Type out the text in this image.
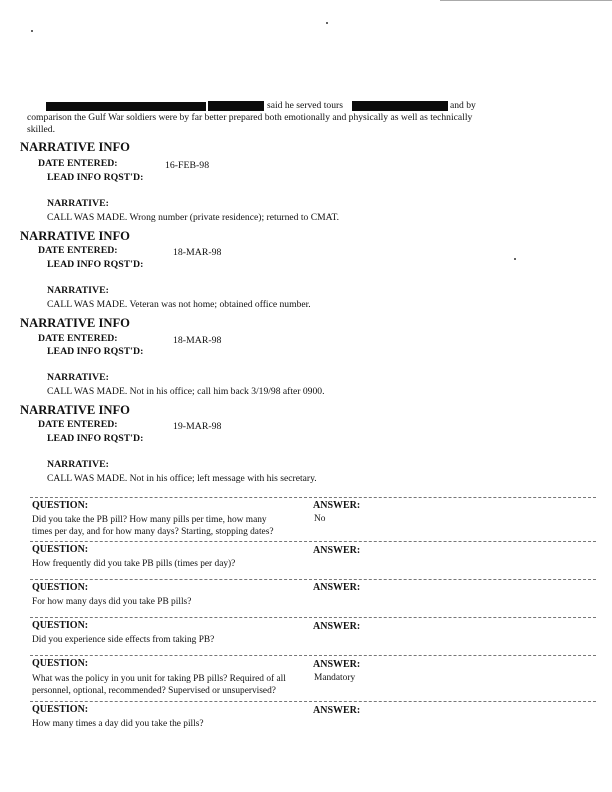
said he served tours	and by
comparison the Gulf War soldiers were by far better prepared both emotionally and physically as well as technically
skilled.
NARRATIVE INFO
DATE ENTERED:	16-FEB-98
LEAD INFO RQST'D:
NARRATIVE:
CALL WAS MADE. Wrong number (private residence); returned to CMAT.
NARRATIVE INFO
DATE ENTERED:	18-MAR-98
LEAD INFO RQST'D:
NARRATIVE:
CALL WAS MADE. Veteran was not home; obtained office number.
NARRATIVE INFO
DATE ENTERED:	18-MAR-98
LEAD INFO RQST'D:
NARRATIVE:
CALL WAS MADE. Not in his office; call him back 3/19/98 after 0900.
NARRATIVE INFO
DATE ENTERED:	19-MAR-98
LEAD INFO RQST'D:
NARRATIVE:
CALL WAS MADE. Not in his office; left message with his secretary.
QUESTION:	ANSWER:
Did you take the PB pill? How many pills per time, how many
times per day, and for how many days? Starting, stopping dates?
No
QUESTION:	ANSWER:
How frequently did you take PB pills (times per day)?
QUESTION:	ANSWER:
For how many days did you take PB pills?
QUESTION:	ANSWER:
Did you experience side effects from taking PB?
QUESTION:	ANSWER:
What was the policy in you unit for taking PB pills? Required of all
personnel, optional, recommended? Supervised or unsupervised?
Mandatory
QUESTION:	ANSWER:
How many times a day did you take the pills?
